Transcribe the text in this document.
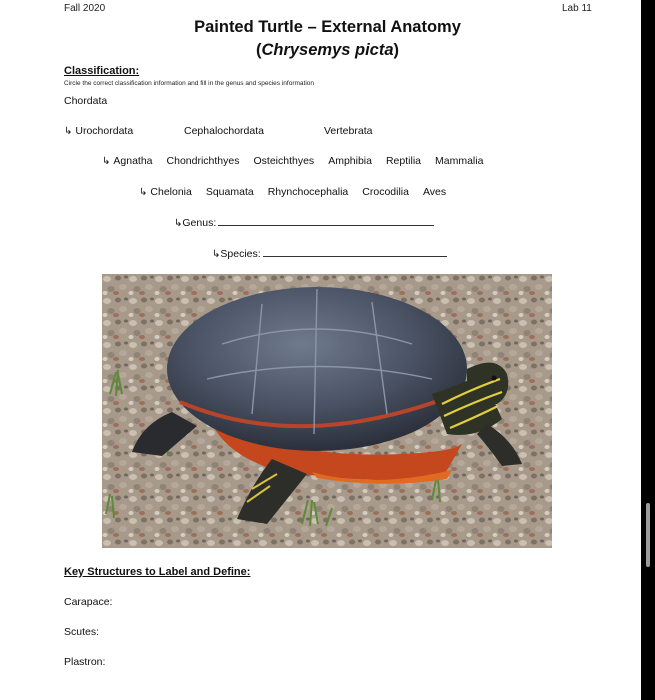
Fall 2020	Lab 11
Painted Turtle – External Anatomy
(Chrysemys picta)
Classification:
Circle the correct classification information and fill in the genus and species information
Chordata
↳ Urochordata	Cephalochordata	Vertebrata
↳ Agnatha Chondrichthyes Osteichthyes Amphibia Reptilia Mammalia
↳ Chelonia Squamata Rhynchocephalia Crocodilia Aves
↳Genus:
↳Species:
Key Structures to Label and Define:
Carapace:
Scutes:
Plastron:
